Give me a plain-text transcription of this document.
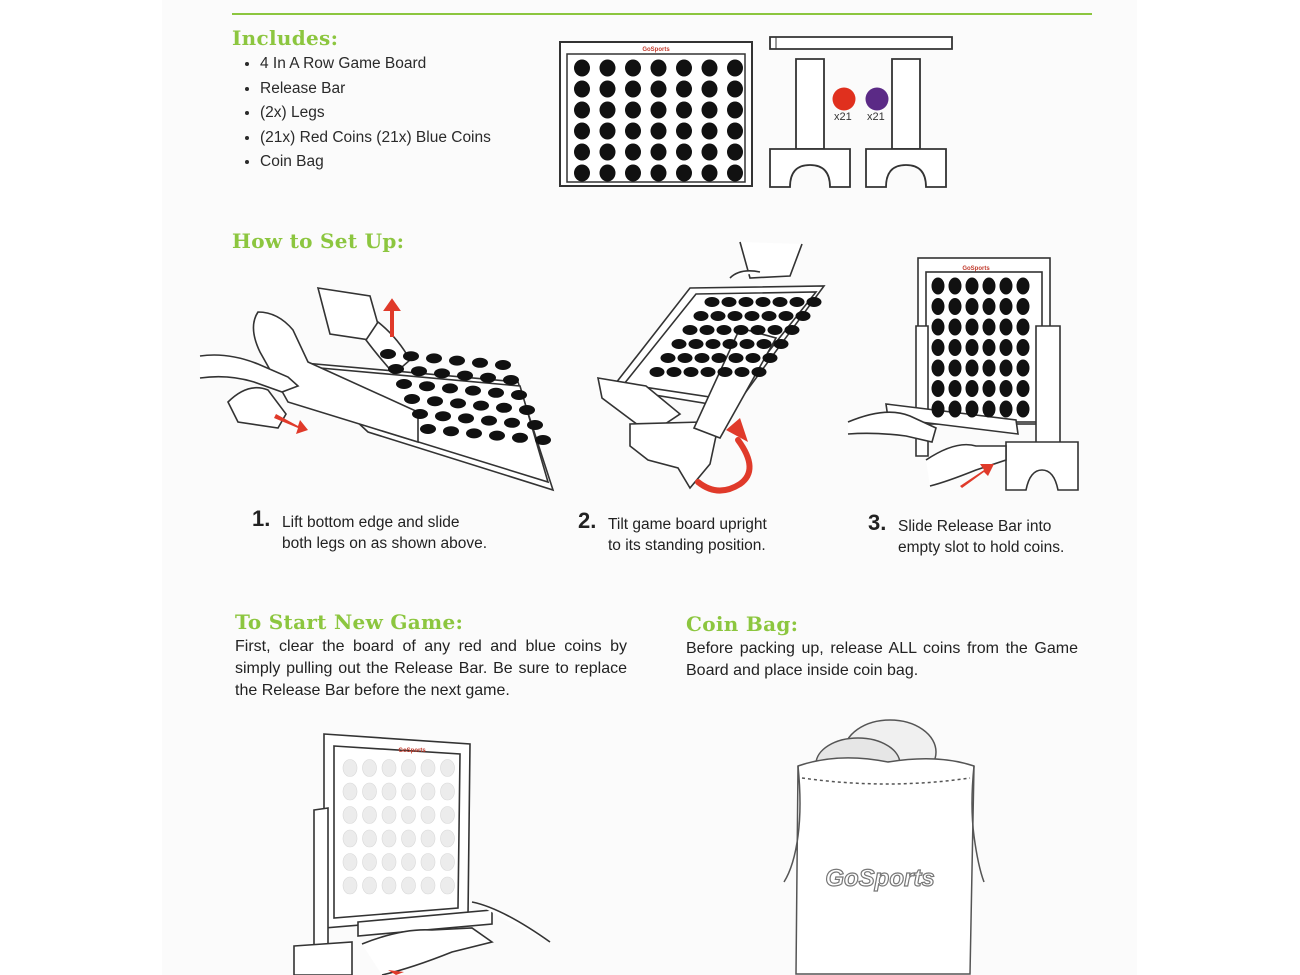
Includes:
• 4 In A Row Game Board
• Release Bar
• (2x) Legs
• (21x) Red Coins (21x) Blue Coins
• Coin Bag
GoSports
x21 x21
How to Set Up:
GoSports
1. Lift bottom edge and slide
both legs on as shown above.
2. Tilt game board upright
to its standing position.
3. Slide Release Bar into
empty slot to hold coins.
To Start New Game:

First, clear the board of any red and blue coins by simply pulling out the Release Bar. Be sure to replace the Release Bar before the next game.

Coin Bag:

Before packing up, release ALL coins from the Game Board and place inside coin bag.

GoSports
GoSports
